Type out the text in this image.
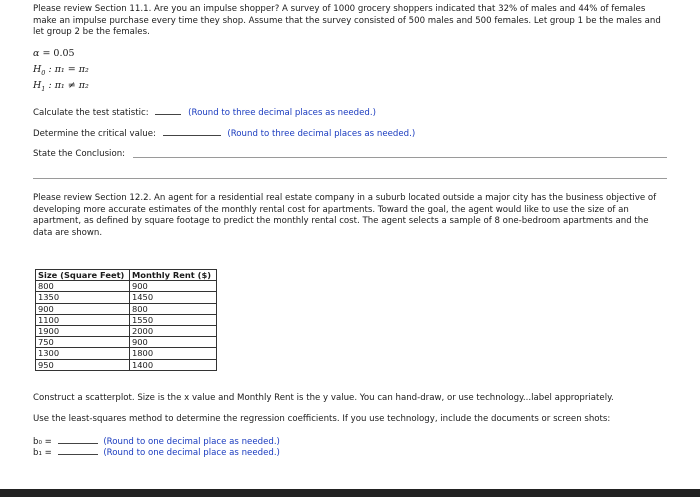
Please review Section 11.1. Are you an impulse shopper? A survey of 1000 grocery shoppers indicated that 32% of males and 44% of females make an impulse purchase every time they shop. Assume that the survey consisted of 500 males and 500 females. Let group 1 be the males and let group 2 be the females.
α = 0.05
$H_0$ : π₁ = π₂
$H_1$ : π₁ ≠ π₂
Calculate the test statistic:	(Round to three decimal places as needed.)
Determine the critical value:	(Round to three decimal places as needed.)
State the Conclusion:
Please review Section 12.2. An agent for a residential real estate company in a suburb located outside a major city has the business objective of developing more accurate estimates of the monthly rental cost for apartments. Toward the goal, the agent would like to use the size of an apartment, as defined by square footage to predict the monthly rental cost. The agent selects a sample of 8 one-bedroom apartments and the data are shown.
Size (Square Feet)	Monthly Rent ($)
800	900
1350	1450
900	800
1100	1550
1900	2000
750	900
1300	1800
950	1400
Construct a scatterplot. Size is the x value and Monthly Rent is the y value. You can hand-draw, or use technology...label appropriately.
Use the least-squares method to determine the regression coefficients. If you use technology, include the documents or screen shots:
b₀ =	(Round to one decimal place as needed.)
b₁ =	(Round to one decimal place as needed.)
